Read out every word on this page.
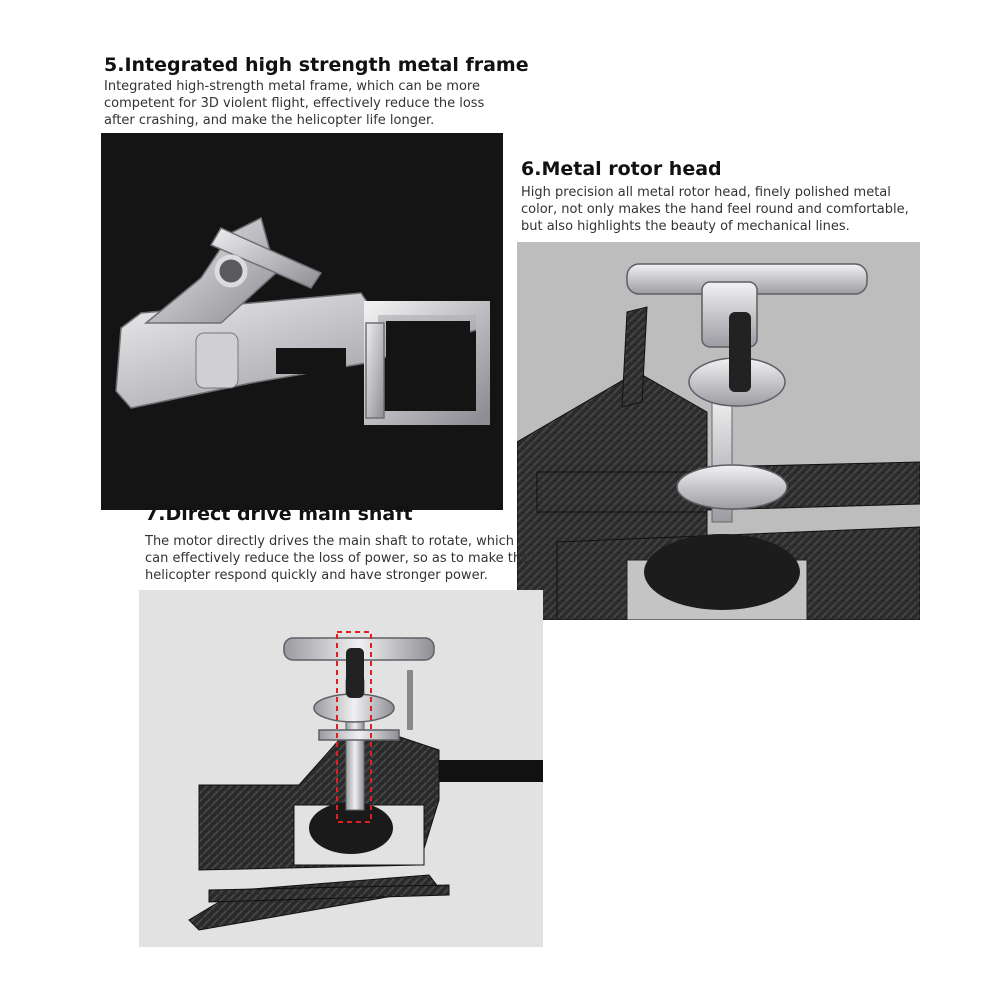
5.Integrated high strength metal frame

Integrated high-strength metal frame, which can be more competent for 3D violent flight, effectively reduce the loss after crashing, and make the helicopter life longer.

6.Metal rotor head

High precision all metal rotor head, finely polished metal color, not only makes the hand feel round and comfortable, but also highlights the beauty of mechanical lines.

7.Direct drive main shaft

The motor directly drives the main shaft to rotate, which can effectively reduce the loss of power, so as to make the helicopter respond quickly and have stronger power.
